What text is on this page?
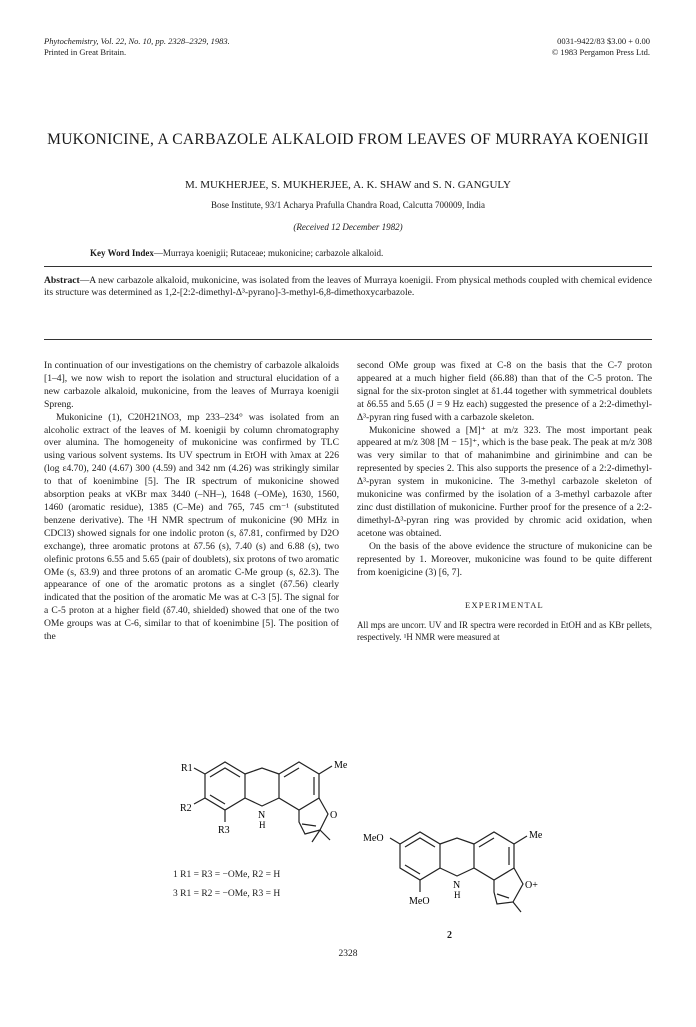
Phytochemistry, Vol. 22, No. 10, pp. 2328–2329, 1983.
Printed in Great Britain.
0031-9422/83 $3.00 + 0.00
© 1983 Pergamon Press Ltd.
MUKONICINE, A CARBAZOLE ALKALOID FROM LEAVES OF MURRAYA KOENIGII
M. MUKHERJEE, S. MUKHERJEE, A. K. SHAW and S. N. GANGULY
Bose Institute, 93/1 Acharya Prafulla Chandra Road, Calcutta 700009, India
(Received 12 December 1982)
Key Word Index—Murraya koenigii; Rutaceae; mukonicine; carbazole alkaloid.
Abstract—A new carbazole alkaloid, mukonicine, was isolated from the leaves of Murraya koenigii. From physical methods coupled with chemical evidence its structure was determined as 1,2-[2:2-dimethyl-Δ³-pyrano]-3-methyl-6,8-dimethoxycarbazole.

In continuation of our investigations on the chemistry of carbazole alkaloids [1–4], we now wish to report the isolation and structural elucidation of a new carbazole alkaloid, mukonicine, from the leaves of Murraya koenigii Spreng.

Mukonicine (1), C20H21NO3, mp 233–234° was isolated from an alcoholic extract of the leaves of M. koenigii by column chromatography over alumina. The homogeneity of mukonicine was confirmed by TLC using various solvent systems. Its UV spectrum in EtOH with λmax at 226 (log ε4.70), 240 (4.67) 300 (4.59) and 342 nm (4.26) was strikingly similar to that of koenimbine [5]. The IR spectrum of mukonicine showed absorption peaks at νKBr max 3440 (–NH–), 1648 (–OMe), 1630, 1560, 1460 (aromatic residue), 1385 (C–Me) and 765, 745 cm⁻¹ (substituted benzene derivative). The ¹H NMR spectrum of mukonicine (90 MHz in CDCl3) showed signals for one indolic proton (s, δ7.81, confirmed by D2O exchange), three aromatic protons at δ7.56 (s), 7.40 (s) and 6.88 (s), two olefinic protons 6.55 and 5.65 (pair of doublets), six protons of two aromatic OMe (s, δ3.9) and three protons of an aromatic C-Me group (s, δ2.3). The appearance of one of the aromatic protons as a singlet (δ7.56) clearly indicated that the position of the aromatic Me was at C-3 [5]. The signal for a C-5 proton at a higher field (δ7.40, shielded) showed that one of the two OMe groups was at C-6, similar to that of koenimbine [5]. The position of the

second OMe group was fixed at C-8 on the basis that the C-7 proton appeared at a much higher field (δ6.88) than that of the C-5 proton. The signal for the six-proton singlet at δ1.44 together with symmetrical doublets at δ6.55 and 5.65 (J = 9 Hz each) suggested the presence of a 2:2-dimethyl-Δ³-pyran ring fused with a carbazole skeleton.

Mukonicine showed a [M]⁺ at m/z 323. The most important peak appeared at m/z 308 [M − 15]⁺, which is the base peak. The peak at m/z 308 was very similar to that of mahanimbine and girinimbine and can be represented by species 2. This also supports the presence of a 2:2-dimethyl-Δ³-pyran system in mukonicine. The 3-methyl carbazole skeleton of mukonicine was confirmed by the isolation of a 3-methyl carbazole after zinc dust distillation of mukonicine. Further proof for the presence of a 2:2-dimethyl-Δ³-pyran ring was provided by chromic acid oxidation, when acetone was obtained.

On the basis of the above evidence the structure of mukonicine can be represented by 1. Moreover, mukonicine was found to be quite different from koenigicine (3) [6, 7].

EXPERIMENTAL

All mps are uncorr. UV and IR spectra were recorded in EtOH and as KBr pellets, respectively. ¹H NMR were measured at

R1
R2
R3
Me
N
H
O
1 R1 = R3 = −OMe, R2 = H
3 R1 = R2 = −OMe, R3 = H
MeO
MeO
Me
N
H
O+
2
2328
